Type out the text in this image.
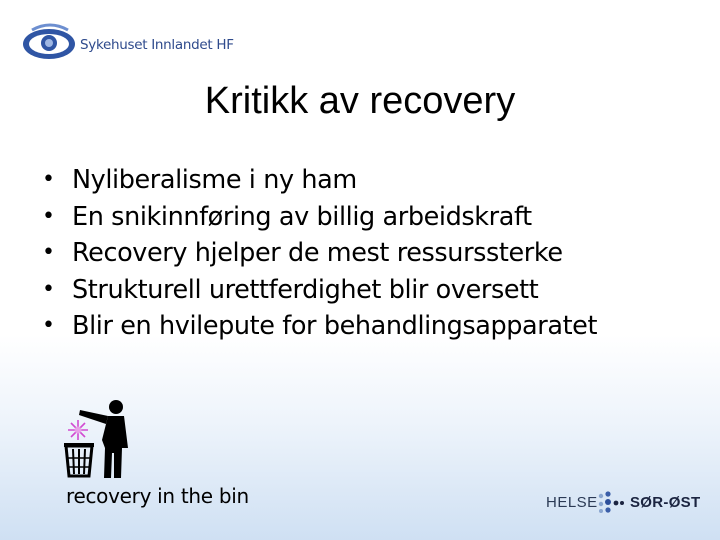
Sykehuset Innlandet HF
Kritikk av recovery
• Nyliberalisme i ny ham
• En snikinnføring av billig arbeidskraft
• Recovery hjelper de mest ressurssterke
• Strukturell urettferdighet blir oversett
• Blir en hvilepute for behandlingsapparatet
recovery in the bin	HELSE SØR-ØST
